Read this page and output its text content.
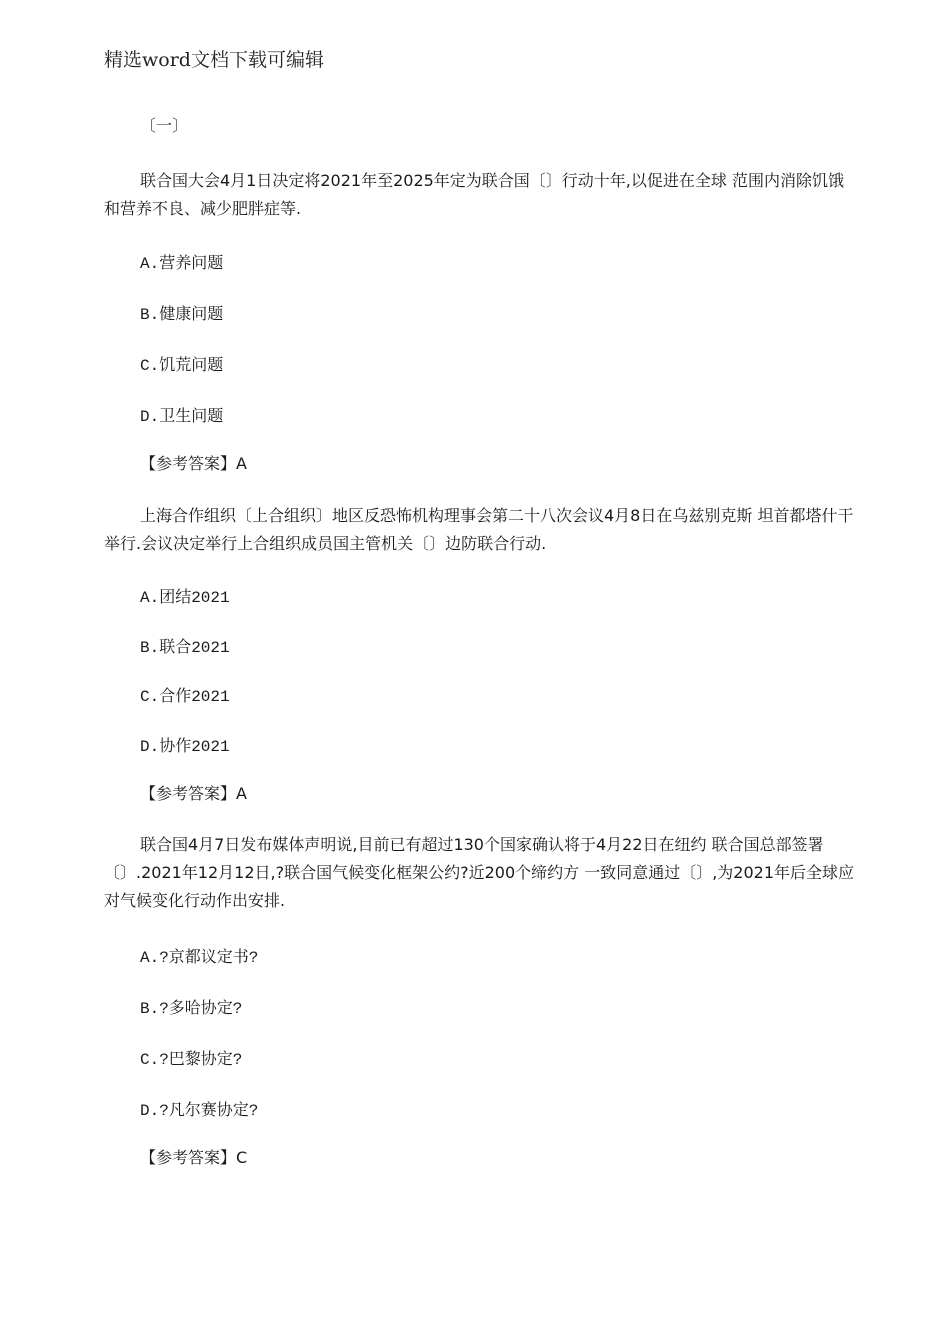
精选word文档下载可编辑
〔一〕
联合国大会4月1日决定将2021年至2025年定为联合国〔〕行动十年,以促进在全球 范围内消除饥饿和营养不良、减少肥胖症等.
A.营养问题
B.健康问题
C.饥荒问题
D.卫生问题
【参考答案】A
上海合作组织〔上合组织〕地区反恐怖机构理事会第二十八次会议4月8日在乌兹别克斯 坦首都塔什干举行.会议决定举行上合组织成员国主管机关〔〕边防联合行动.
A.团结2021
B.联合2021
C.合作2021
D.协作2021
【参考答案】A
联合国4月7日发布媒体声明说,目前已有超过130个国家确认将于4月22日在纽约 联合国总部签署〔〕.2021年12月12日,?联合国气候变化框架公约?近200个缔约方 一致同意通过〔〕,为2021年后全球应对气候变化行动作出安排.
A.?京都议定书?
B.?多哈协定?
C.?巴黎协定?
D.?凡尔赛协定?
【参考答案】C
